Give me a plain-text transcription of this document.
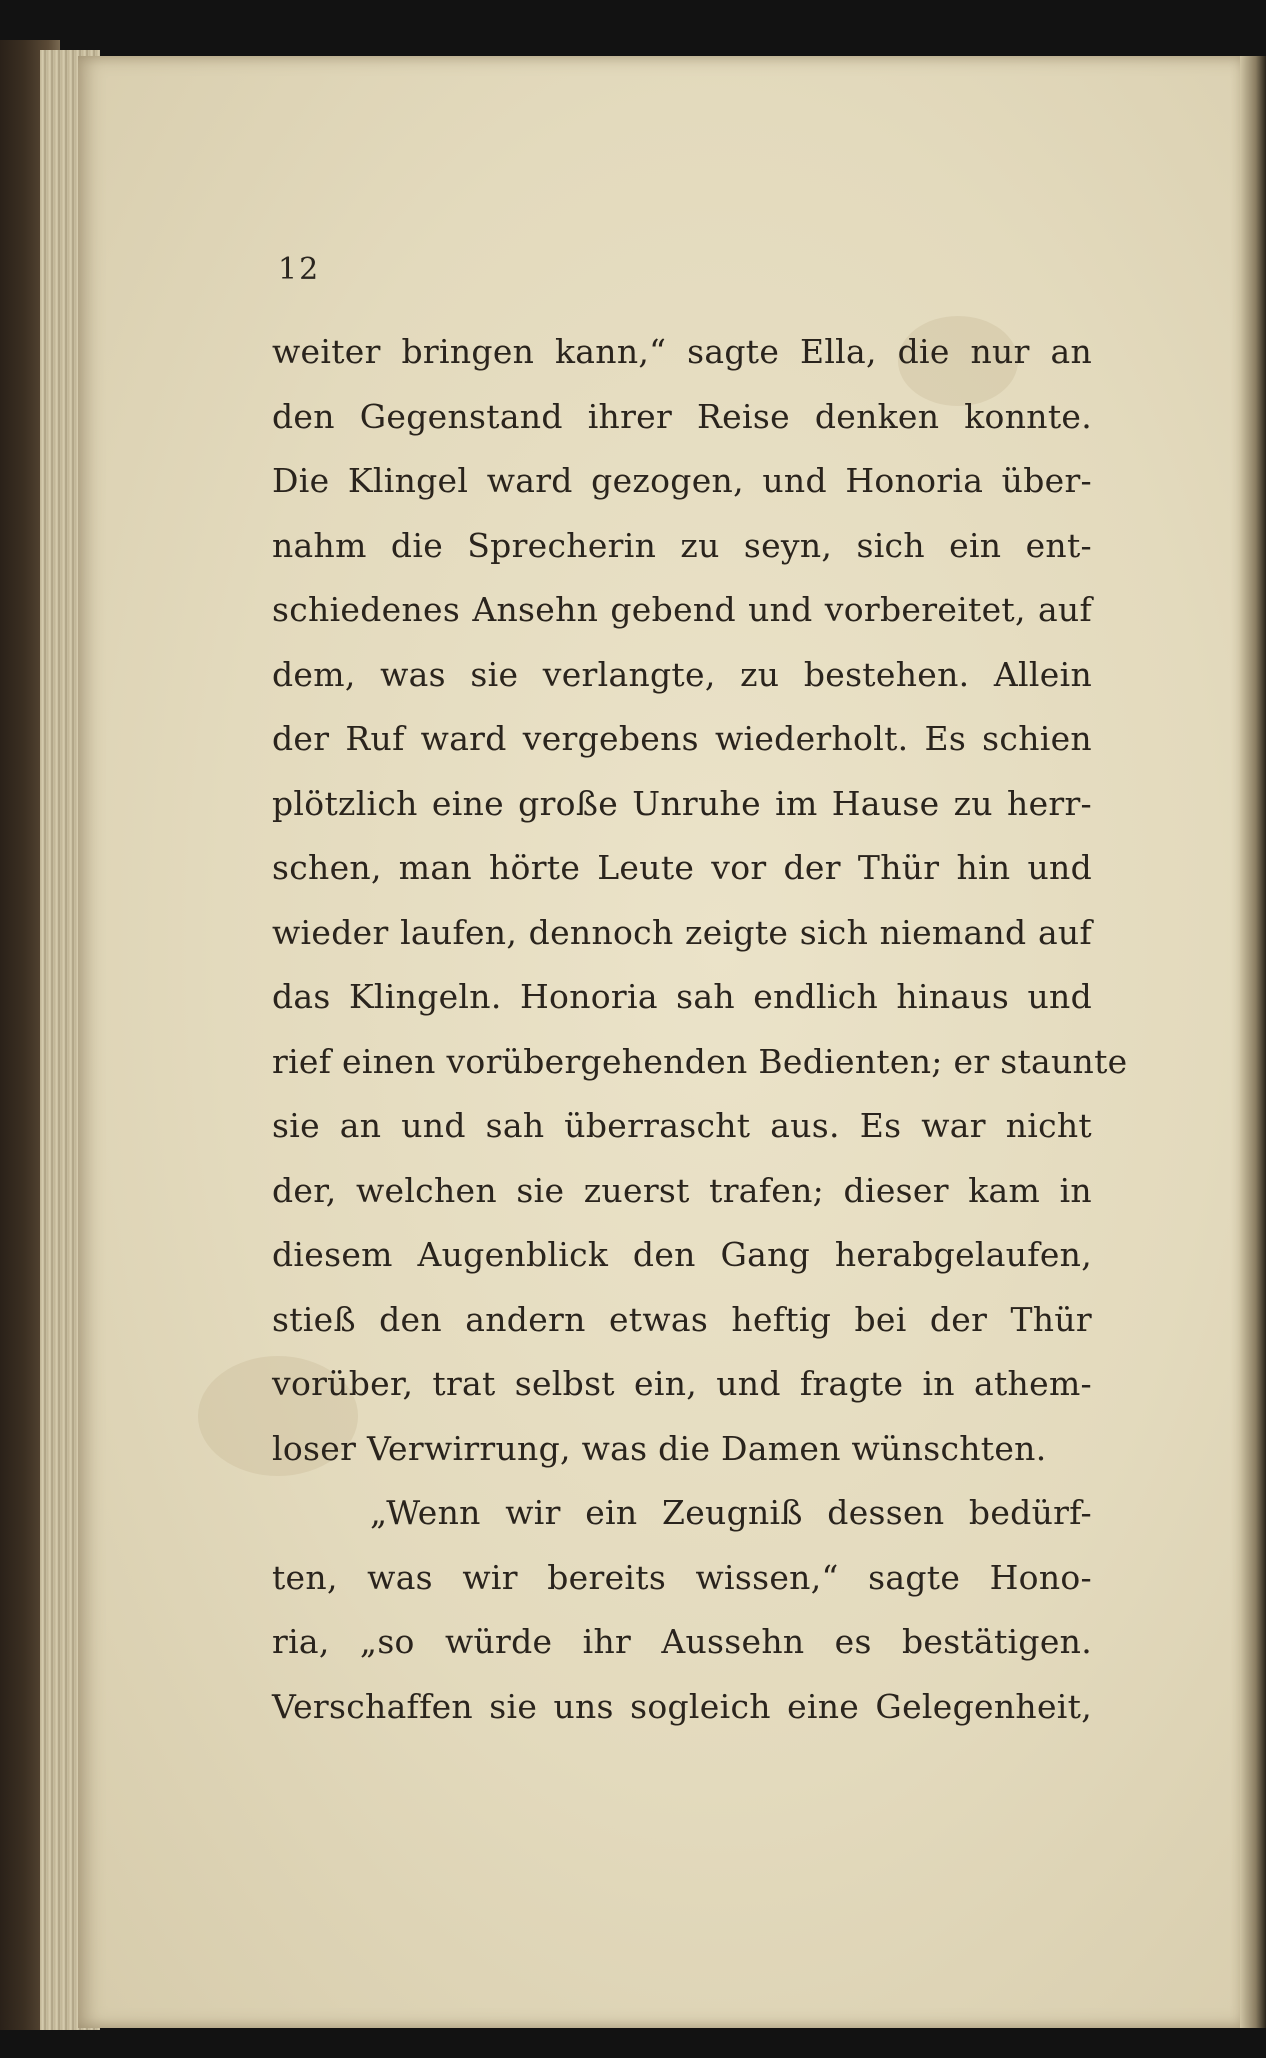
12
weiter bringen kann,“ sagte Ella, die nur an
den Gegenstand ihrer Reise denken konnte.
Die Klingel ward gezogen, und Honoria über-
nahm die Sprecherin zu seyn, sich ein ent-
schiedenes Ansehn gebend und vorbereitet, auf
dem, was sie verlangte, zu bestehen. Allein
der Ruf ward vergebens wiederholt. Es schien
plötzlich eine große Unruhe im Hause zu herr-
schen, man hörte Leute vor der Thür hin und
wieder laufen, dennoch zeigte sich niemand auf
das Klingeln. Honoria sah endlich hinaus und
rief einen vorübergehenden Bedienten; er staunte
sie an und sah überrascht aus. Es war nicht
der, welchen sie zuerst trafen; dieser kam in
diesem Augenblick den Gang herabgelaufen,
stieß den andern etwas heftig bei der Thür
vorüber, trat selbst ein, und fragte in athem-
loser Verwirrung, was die Damen wünschten.
„Wenn wir ein Zeugniß dessen bedürf-
ten, was wir bereits wissen,“ sagte Hono-
ria, „so würde ihr Aussehn es bestätigen.
Verschaffen sie uns sogleich eine Gelegenheit,
